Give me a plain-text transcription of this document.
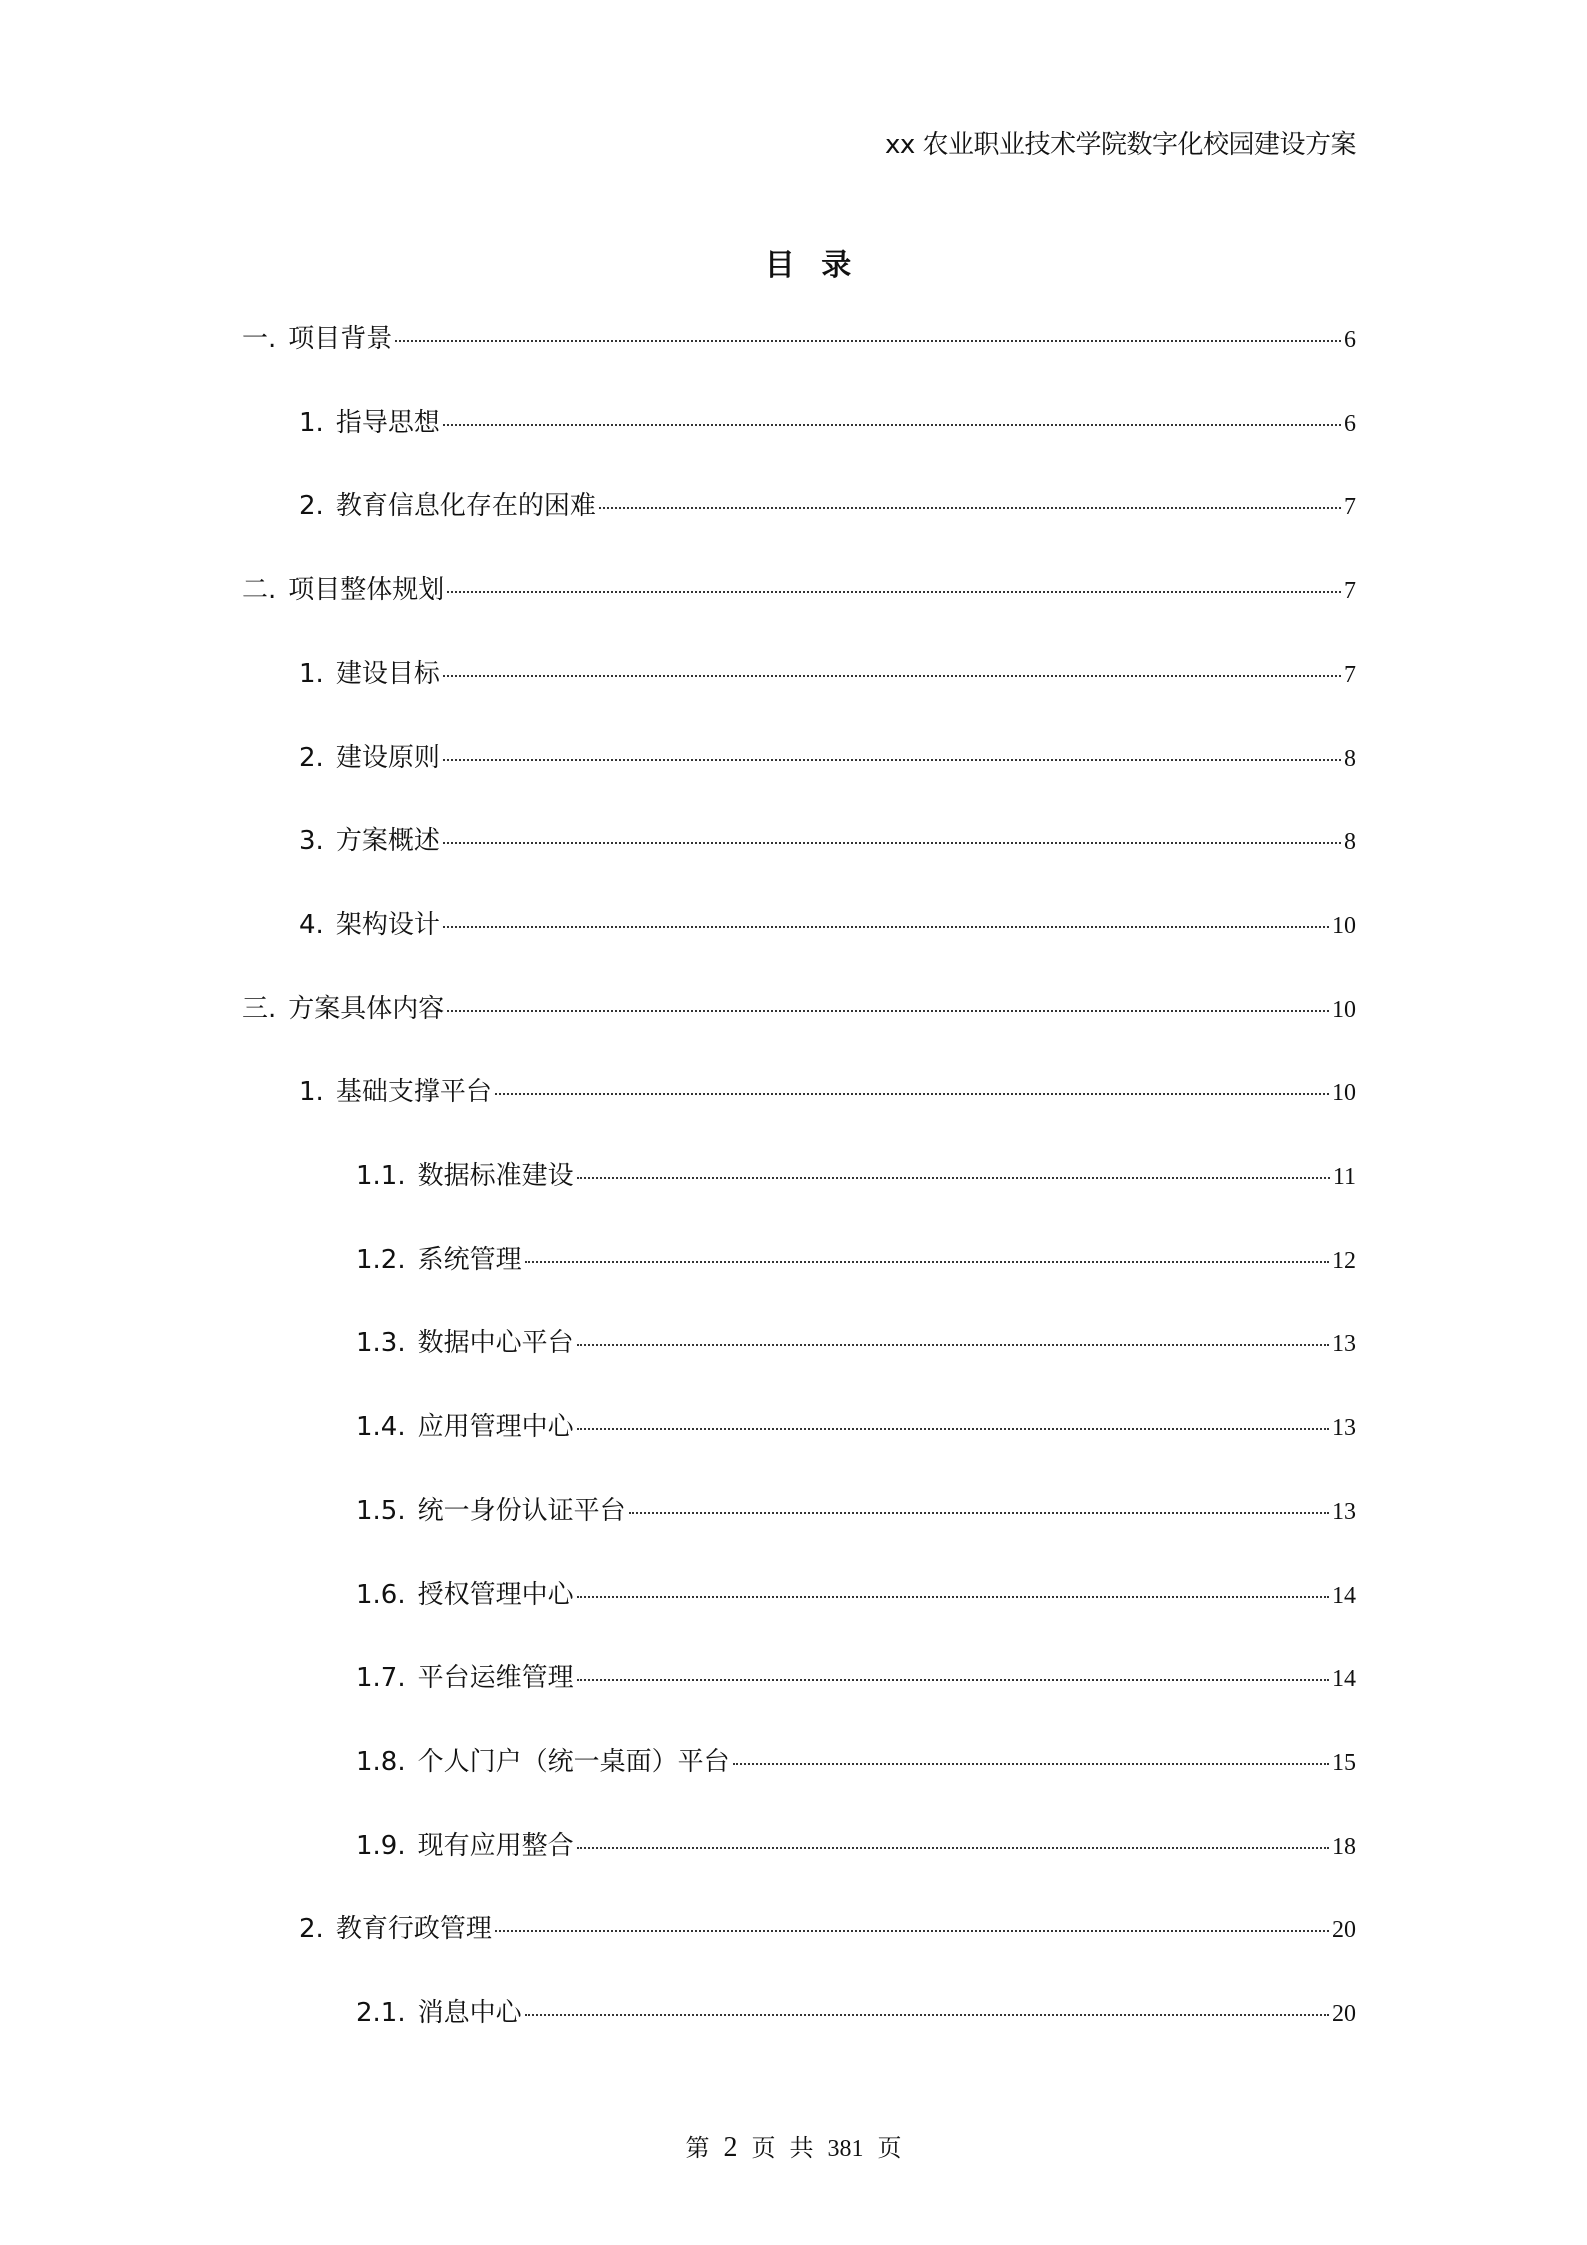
xx 农业职业技术学院数字化校园建设方案
目 录
一. 项目背景	6
1. 指导思想	6
2. 教育信息化存在的困难	7
二. 项目整体规划	7
1. 建设目标	7
2. 建设原则	8
3. 方案概述	8
4. 架构设计	10
三. 方案具体内容	10
1. 基础支撑平台	10
1.1. 数据标准建设	11
1.2. 系统管理	12
1.3. 数据中心平台	13
1.4. 应用管理中心	13
1.5. 统一身份认证平台	13
1.6. 授权管理中心	14
1.7. 平台运维管理	14
1.8. 个人门户（统一桌面）平台	15
1.9. 现有应用整合	18
2. 教育行政管理	20
2.1. 消息中心	20
第 2 页 共 381 页
